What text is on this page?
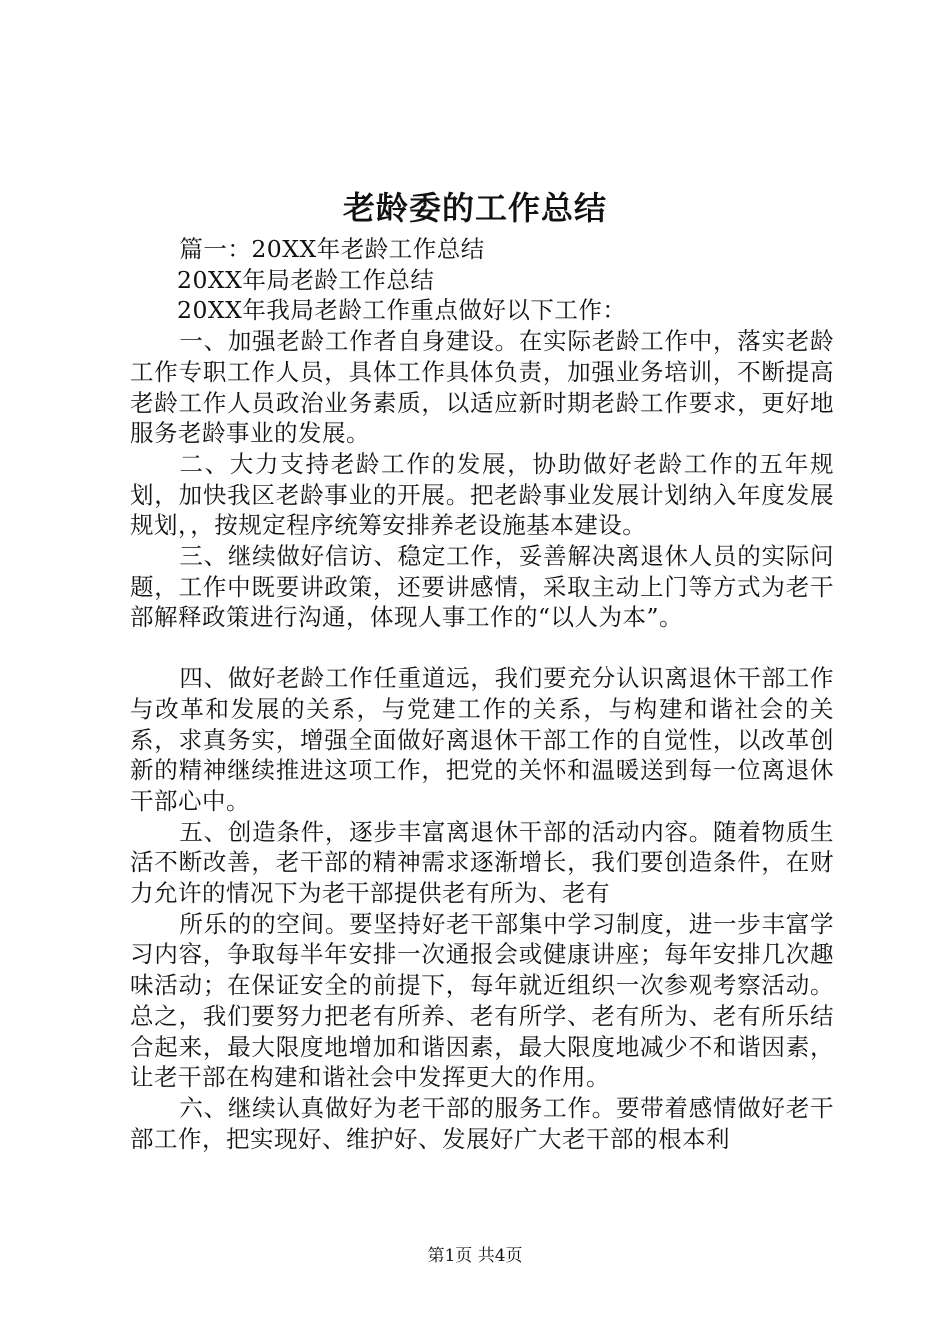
老龄委的工作总结

篇一：20XX年老龄工作总结

20XX年局老龄工作总结

20XX年我局老龄工作重点做好以下工作：

一、加强老龄工作者自身建设。在实际老龄工作中，落实老龄工作专职工作人员，具体工作具体负责，加强业务培训，不断提高老龄工作人员政治业务素质，以适应新时期老龄工作要求，更好地服务老龄事业的发展。

二、大力支持老龄工作的发展，协助做好老龄工作的五年规划，加快我区老龄事业的开展。把老龄事业发展计划纳入年度发展规划，，按规定程序统筹安排养老设施基本建设。

三、继续做好信访、稳定工作，妥善解决离退休人员的实际问题，工作中既要讲政策，还要讲感情，采取主动上门等方式为老干部解释政策进行沟通，体现人事工作的“以人为本”。

四、做好老龄工作任重道远，我们要充分认识离退休干部工作与改革和发展的关系，与党建工作的关系，与构建和谐社会的关系，求真务实，增强全面做好离退休干部工作的自觉性，以改革创新的精神继续推进这项工作，把党的关怀和温暖送到每一位离退休干部心中。

五、创造条件，逐步丰富离退休干部的活动内容。随着物质生活不断改善，老干部的精神需求逐渐增长，我们要创造条件，在财力允许的情况下为老干部提供老有所为、老有

所乐的的空间。要坚持好老干部集中学习制度，进一步丰富学习内容，争取每半年安排一次通报会或健康讲座；每年安排几次趣味活动；在保证安全的前提下，每年就近组织一次参观考察活动。总之，我们要努力把老有所养、老有所学、老有所为、老有所乐结合起来，最大限度地增加和谐因素，最大限度地减少不和谐因素，让老干部在构建和谐社会中发挥更大的作用。

六、继续认真做好为老干部的服务工作。要带着感情做好老干部工作，把实现好、维护好、发展好广大老干部的根本利

第1页 共4页
